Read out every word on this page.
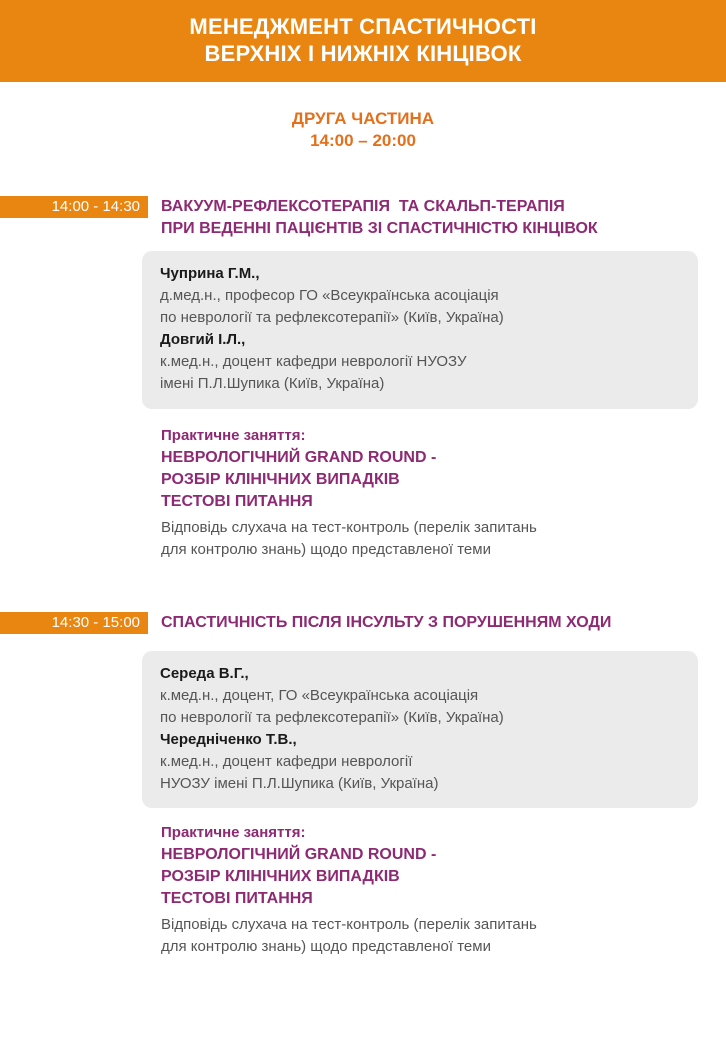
МЕНЕДЖМЕНТ СПАСТИЧНОСТІ
ВЕРХНІХ І НИЖНІХ КІНЦІВОК
ДРУГА ЧАСТИНА
14:00 – 20:00
14:00 - 14:30	ВАКУУМ-РЕФЛЕКСОТЕРАПІЯ  ТА СКАЛЬП-ТЕРАПІЯ
ПРИ ВЕДЕННІ ПАЦІЄНТІВ ЗІ СПАСТИЧНІСТЮ КІНЦІВОК
Чуприна Г.М.,
д.мед.н., професор ГО «Всеукраїнська асоціація
по неврології та рефлексотерапії» (Київ, Україна)
Довгий І.Л.,
к.мед.н., доцент кафедри неврології НУОЗУ
імені П.Л.Шупика (Київ, Україна)
Практичне заняття:
НЕВРОЛОГІЧНИЙ GRAND ROUND -
РОЗБІР КЛІНІЧНИХ ВИПАДКІВ
ТЕСТОВІ ПИТАННЯ
Відповідь слухача на тест-контроль (перелік запитань
для контролю знань) щодо представленої теми
14:30 - 15:00	СПАСТИЧНІСТЬ ПІСЛЯ ІНСУЛЬТУ З ПОРУШЕННЯМ ХОДИ
Середа В.Г.,
к.мед.н., доцент, ГО «Всеукраїнська асоціація
по неврології та рефлексотерапії» (Київ, Україна)
Чередніченко Т.В.,
к.мед.н., доцент кафедри неврології
НУОЗУ імені П.Л.Шупика (Київ, Україна)
Практичне заняття:
НЕВРОЛОГІЧНИЙ GRAND ROUND -
РОЗБІР КЛІНІЧНИХ ВИПАДКІВ
ТЕСТОВІ ПИТАННЯ
Відповідь слухача на тест-контроль (перелік запитань
для контролю знань) щодо представленої теми
